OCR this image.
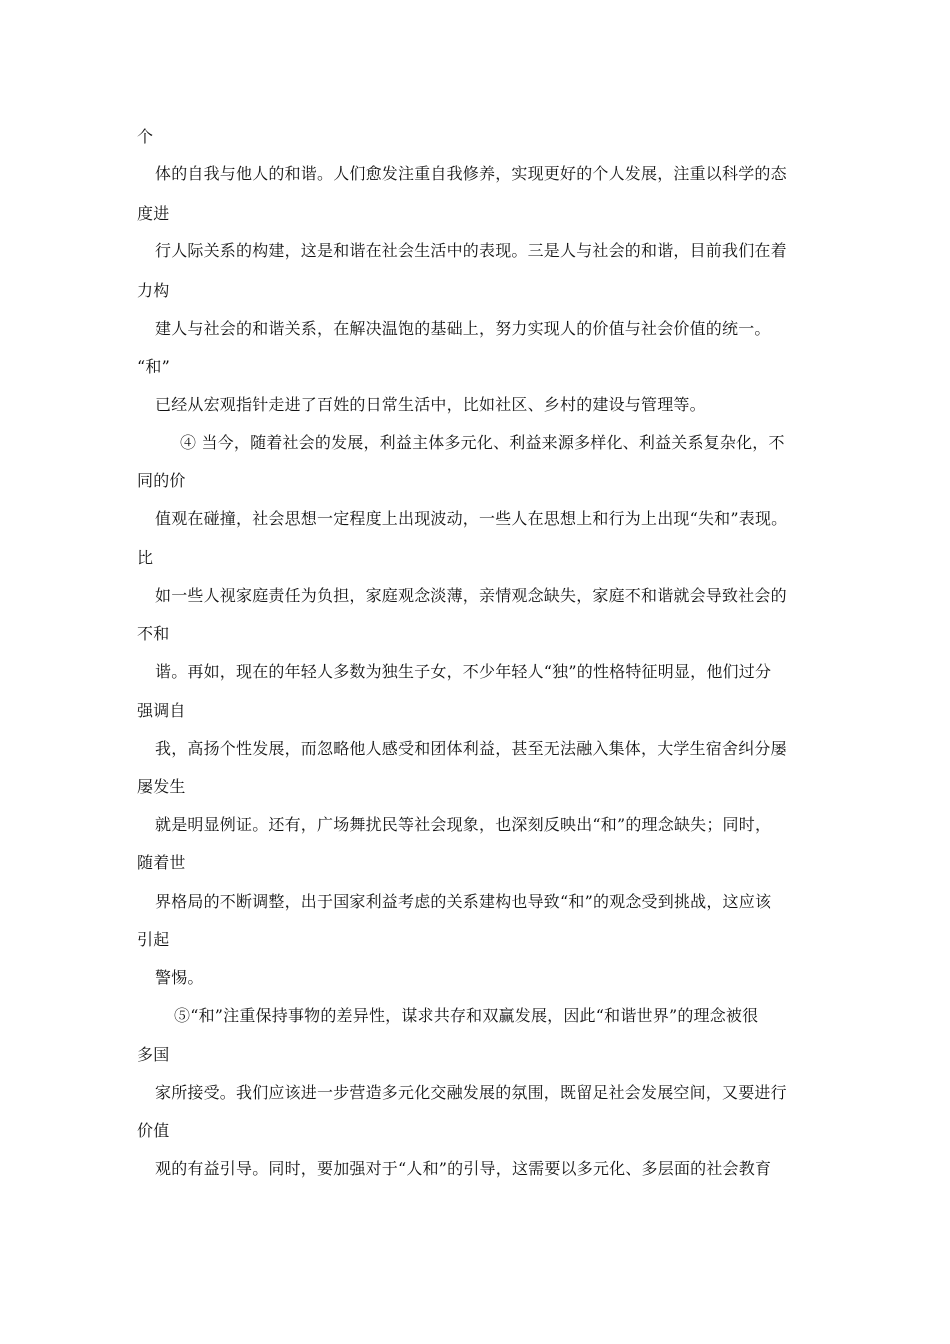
个
体的自我与他人的和谐。人们愈发注重自我修养，实现更好的个人发展，注重以科学的态
度进
行人际关系的构建，这是和谐在社会生活中的表现。三是人与社会的和谐，目前我们在着
力构
建人与社会的和谐关系，在解决温饱的基础上，努力实现人的价值与社会价值的统一。
“和”
已经从宏观指针走进了百姓的日常生活中，比如社区、乡村的建设与管理等。
④ 当今，随着社会的发展，利益主体多元化、利益来源多样化、利益关系复杂化，不
同的价
值观在碰撞，社会思想一定程度上出现波动，一些人在思想上和行为上出现“失和”表现。
比
如一些人视家庭责任为负担，家庭观念淡薄，亲情观念缺失，家庭不和谐就会导致社会的
不和
谐。再如，现在的年轻人多数为独生子女，不少年轻人“独”的性格特征明显，他们过分
强调自
我，高扬个性发展，而忽略他人感受和团体利益，甚至无法融入集体，大学生宿舍纠分屡
屡发生
就是明显例证。还有，广场舞扰民等社会现象，也深刻反映出“和”的理念缺失；同时，
随着世
界格局的不断调整，出于国家利益考虑的关系建构也导致“和”的观念受到挑战，这应该
引起
警惕。
⑤“和”注重保持事物的差异性，谋求共存和双赢发展，因此“和谐世界”的理念被很
多国
家所接受。我们应该进一步营造多元化交融发展的氛围，既留足社会发展空间，又要进行
价值
观的有益引导。同时，要加强对于“人和”的引导，这需要以多元化、多层面的社会教育
